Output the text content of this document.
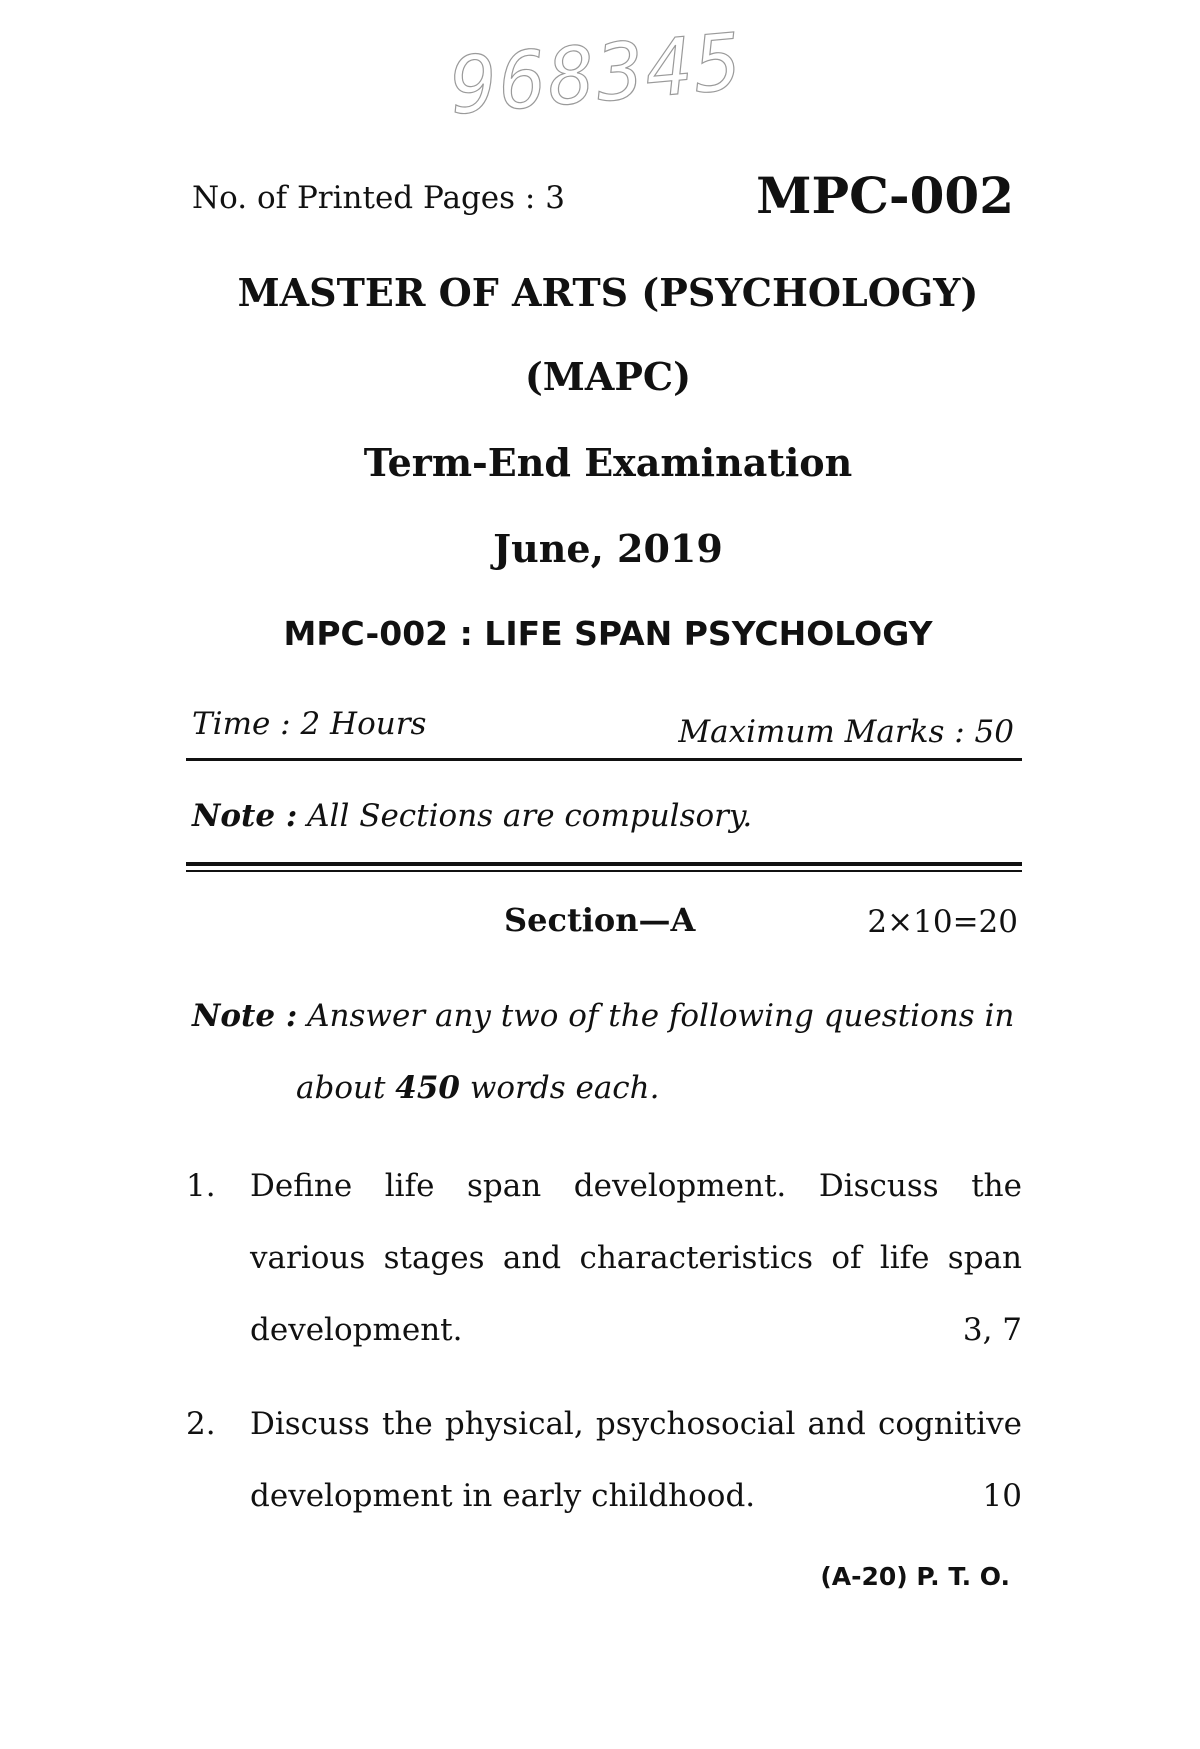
968345
No. of Printed Pages : 3	MPC-002
MASTER OF ARTS (PSYCHOLOGY)
(MAPC)
Term-End Examination
June, 2019
MPC-002 : LIFE SPAN PSYCHOLOGY
Time : 2 Hours	Maximum Marks : 50
Note : All Sections are compulsory.
Section—A	2×10=20
Note : Answer any two of the following questions in
about 450 words each.
1. Define life span development. Discuss the
various stages and characteristics of life span
development.	3, 7
2. Discuss the physical, psychosocial and cognitive
development in early childhood.	10
(A-20) P. T. O.
